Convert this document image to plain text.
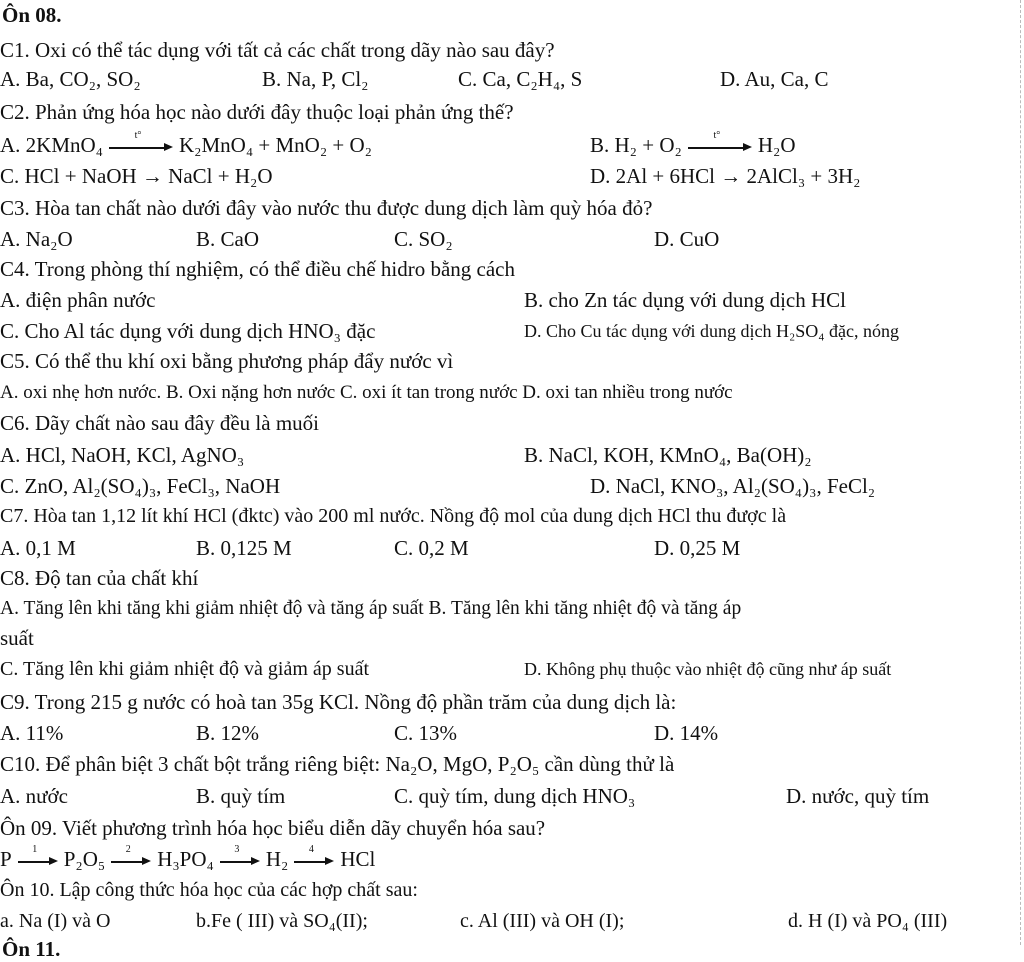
Ôn 08.
C1. Oxi có thể tác dụng với tất cả các chất trong dãy nào sau đây?
A. Ba, CO₂, SO₂	B. Na, P, Cl₂	C. Ca, C₂H₄, S	D. Au, Ca, C
C2. Phản ứng hóa học nào dưới đây thuộc loại phản ứng thế?
A. 2KMnO₄	t°	K₂MnO₄ + MnO₂ + O₂	B. H₂ + O₂	t°	H₂O
C. HCl + NaOH → NaCl + H₂O	D. 2Al + 6HCl → 2AlCl₃ + 3H₂
C3. Hòa tan chất nào dưới đây vào nước thu được dung dịch làm quỳ hóa đỏ?
A. Na₂O	B. CaO	C. SO₂	D. CuO
C4. Trong phòng thí nghiệm, có thể điều chế hidro bằng cách
A. điện phân nước	B. cho Zn tác dụng với dung dịch HCl
C. Cho Al tác dụng với dung dịch HNO₃ đặc	D. Cho Cu tác dụng với dung dịch H₂SO₄ đặc, nóng
C5. Có thể thu khí oxi bằng phương pháp đẩy nước vì
A. oxi nhẹ hơn nước. B. Oxi nặng hơn nước C. oxi ít tan trong nước D. oxi tan nhiều trong nước
C6. Dãy chất nào sau đây đều là muối
A. HCl, NaOH, KCl, AgNO₃	B. NaCl, KOH, KMnO₄, Ba(OH)₂
C. ZnO, Al₂(SO₄)₃, FeCl₃, NaOH	D. NaCl, KNO₃, Al₂(SO₄)₃, FeCl₂
C7. Hòa tan 1,12 lít khí HCl (đktc) vào 200 ml nước. Nồng độ mol của dung dịch HCl thu được là
A. 0,1 M	B. 0,125 M	C. 0,2 M	D. 0,25 M
C8. Độ tan của chất khí
A. Tăng lên khi tăng khi giảm nhiệt độ và tăng áp suất B. Tăng lên khi tăng nhiệt độ và tăng áp
suất
C. Tăng lên khi giảm nhiệt độ và giảm áp suất	D. Không phụ thuộc vào nhiệt độ cũng như áp suất
C9. Trong 215 g nước có hoà tan 35g KCl. Nồng độ phần trăm của dung dịch là:
A. 11%	B. 12%	C. 13%	D. 14%
C10. Để phân biệt 3 chất bột trắng riêng biệt: Na₂O, MgO, P₂O₅ cần dùng thử là
A. nước	B. quỳ tím	C. quỳ tím, dung dịch HNO₃	D. nước, quỳ tím
Ôn 09. Viết phương trình hóa học biểu diễn dãy chuyển hóa sau?
P	1	P₂O₅	2	H₃PO₄	3	H₂	4	HCl
Ôn 10. Lập công thức hóa học của các hợp chất sau:
a. Na (I) và O	b.Fe ( III) và SO₄(II);	c. Al (III) và OH (I);	d. H (I) và PO₄ (III)
Ôn 11.
